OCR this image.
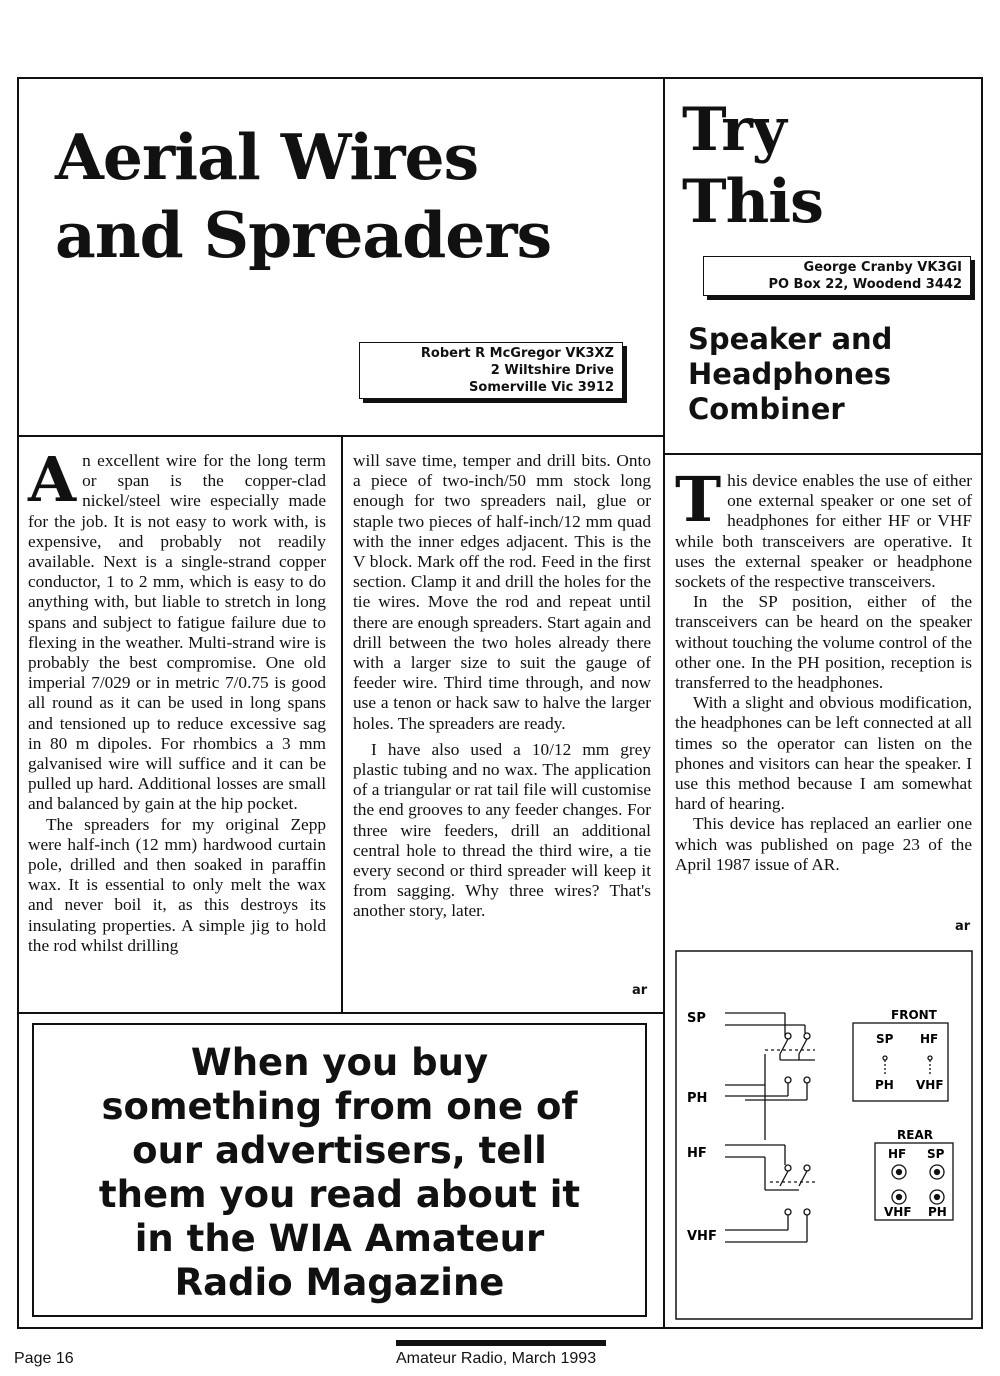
Aerial Wires
and Spreaders
Robert R McGregor VK3XZ
2 Wiltshire Drive
Somerville Vic 3912
A n excellent wire for the long term or span is the copper-clad nickel/steel wire especially made for the job. It is not easy to work with, is expensive, and probably not readily available. Next is a single-strand copper conductor, 1 to 2 mm, which is easy to do anything with, but liable to stretch in long spans and subject to fatigue failure due to flexing in the weather. Multi-strand wire is probably the best compromise. One old imperial 7/029 or in metric 7/0.75 is good all round as it can be used in long spans and tensioned up to reduce excessive sag in 80 m dipoles. For rhombics a 3 mm galvanised wire will suffice and it can be pulled up hard. Additional losses are small and balanced by gain at the hip pocket.

The spreaders for my original Zepp were half-inch (12 mm) hardwood curtain pole, drilled and then soaked in paraffin wax. It is essential to only melt the wax and never boil it, as this destroys its insulating properties. A simple jig to hold the rod whilst drilling

will save time, temper and drill bits. Onto a piece of two-inch/50 mm stock long enough for two spreaders nail, glue or staple two pieces of half-inch/12 mm quad with the inner edges adjacent. This is the V block. Mark off the rod. Feed in the first section. Clamp it and drill the holes for the tie wires. Move the rod and repeat until there are enough spreaders. Start again and drill between the two holes already there with a larger size to suit the gauge of feeder wire. Third time through, and now use a tenon or hack saw to halve the larger holes. The spreaders are ready.

I have also used a 10/12 mm grey plastic tubing and no wax. The application of a triangular or rat tail file will customise the end grooves to any feeder changes. For three wire feeders, drill an additional central hole to thread the third wire, a tie every second or third spreader will keep it from sagging. Why three wires? That's another story, later.

ar
Try
This
George Cranby VK3GI
PO Box 22, Woodend 3442
Speaker and
Headphones
Combiner
T his device enables the use of either one external speaker or one set of headphones for either HF or VHF while both transceivers are operative. It uses the external speaker or headphone sockets of the respective transceivers.

In the SP position, either of the transceivers can be heard on the speaker without touching the volume control of the other one. In the PH position, reception is transferred to the headphones.

With a slight and obvious modification, the headphones can be left connected at all times so the operator can listen on the phones and visitors can hear the speaker. I use this method because I am somewhat hard of hearing.

This device has replaced an earlier one which was published on page 23 of the April 1987 issue of AR.

ar
SP
PH
HF
VHF
FRONT
SP HF
PH VHF
REAR
HF SP
VHF PH
When you buy
something from one of
our advertisers, tell
them you read about it
in the WIA Amateur
Radio Magazine
Page 16	Amateur Radio, March 1993
